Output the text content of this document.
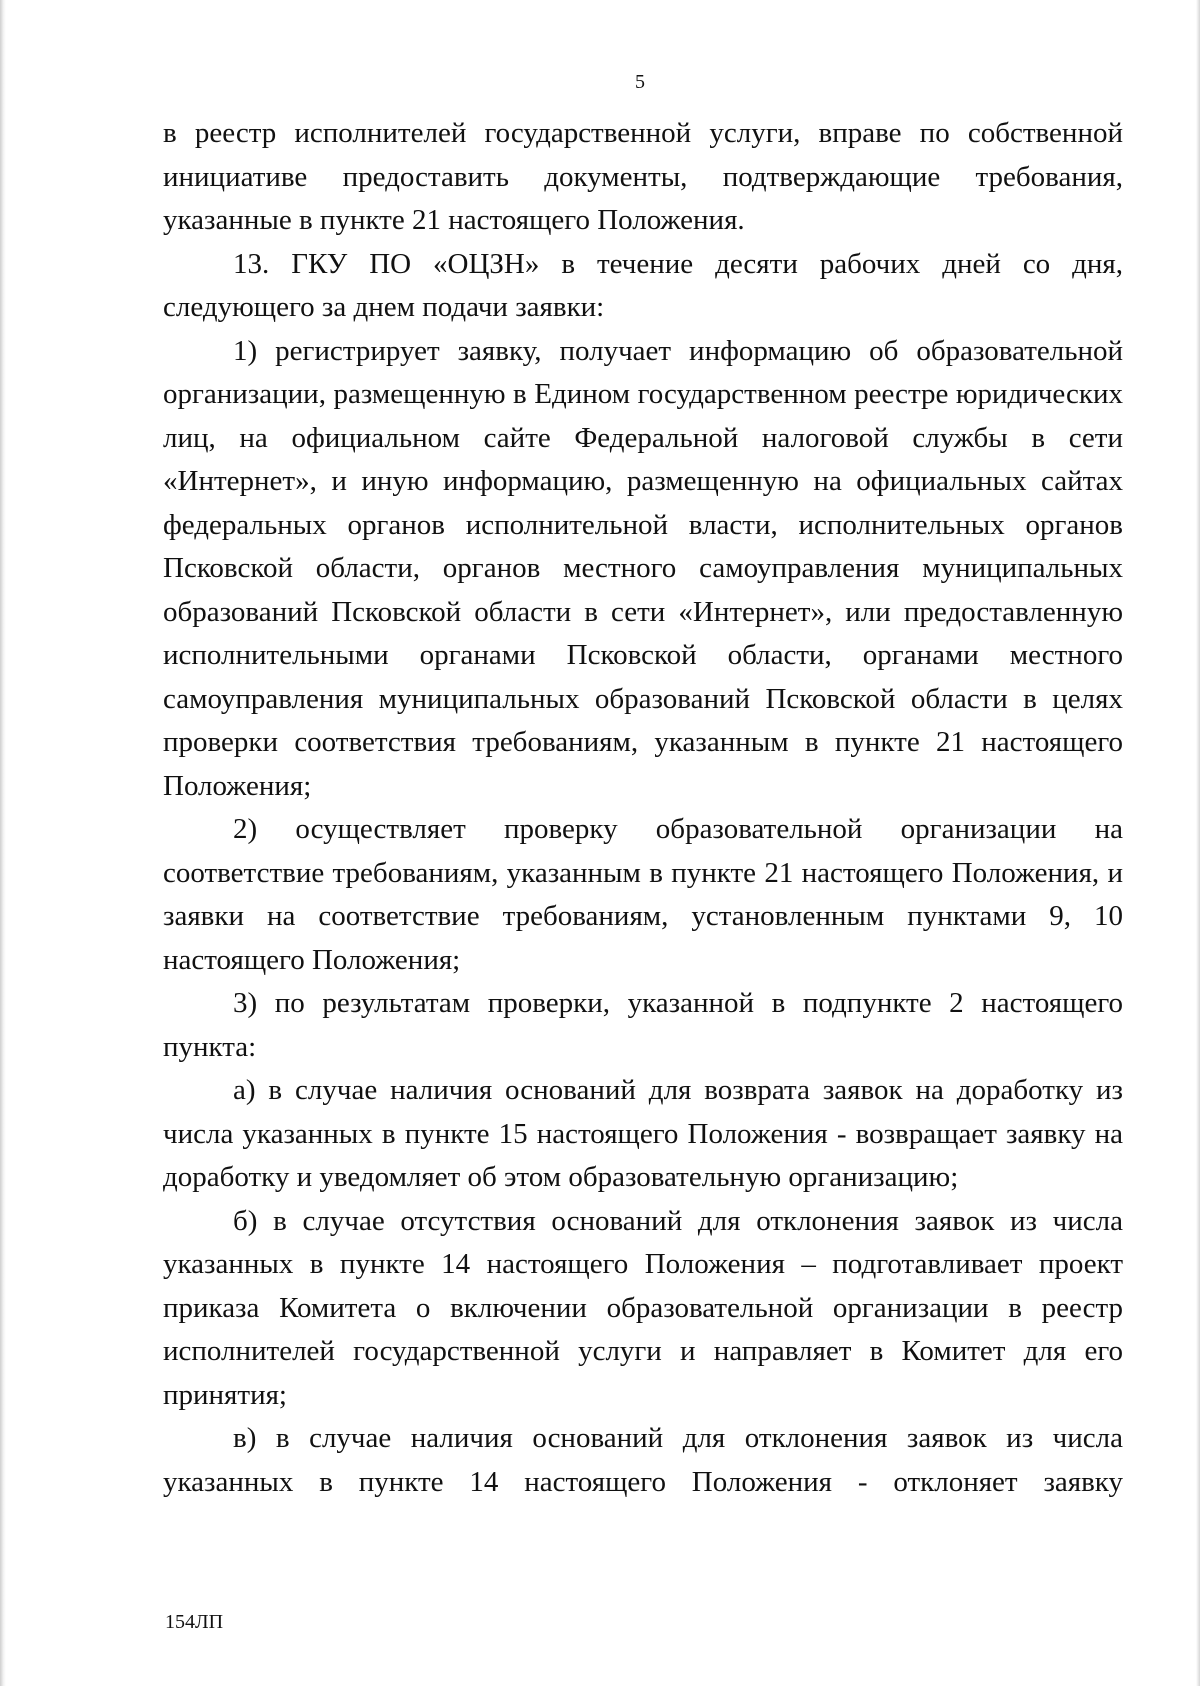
5

в реестр исполнителей государственной услуги, вправе по собственной инициативе предоставить документы, подтверждающие требования, указанные в пункте 21 настоящего Положения.

13. ГКУ ПО «ОЦЗН» в течение десяти рабочих дней со дня, следующего за днем подачи заявки:

1) регистрирует заявку, получает информацию об образовательной организации, размещенную в Едином государственном реестре юридических лиц, на официальном сайте Федеральной налоговой службы в сети «Интернет», и иную информацию, размещенную на официальных сайтах федеральных органов исполнительной власти, исполнительных органов Псковской области, органов местного самоуправления муниципальных образований Псковской области в сети «Интернет», или предоставленную исполнительными органами Псковской области, органами местного самоуправления муниципальных образований Псковской области в целях проверки соответствия требованиям, указанным в пункте 21 настоящего Положения;

2) осуществляет проверку образовательной организации на соответствие требованиям, указанным в пункте 21 настоящего Положения, и заявки на соответствие требованиям, установленным пунктами 9, 10 настоящего Положения;

3) по результатам проверки, указанной в подпункте 2 настоящего пункта:

а) в случае наличия оснований для возврата заявок на доработку из числа указанных в пункте 15 настоящего Положения - возвращает заявку на доработку и уведомляет об этом образовательную организацию;

б) в случае отсутствия оснований для отклонения заявок из числа указанных в пункте 14 настоящего Положения – подготавливает проект приказа Комитета о включении образовательной организации в реестр исполнителей государственной услуги и направляет в Комитет для его принятия;

в) в случае наличия оснований для отклонения заявок из числа указанных в пункте 14 настоящего Положения - отклоняет заявку

154ЛП
